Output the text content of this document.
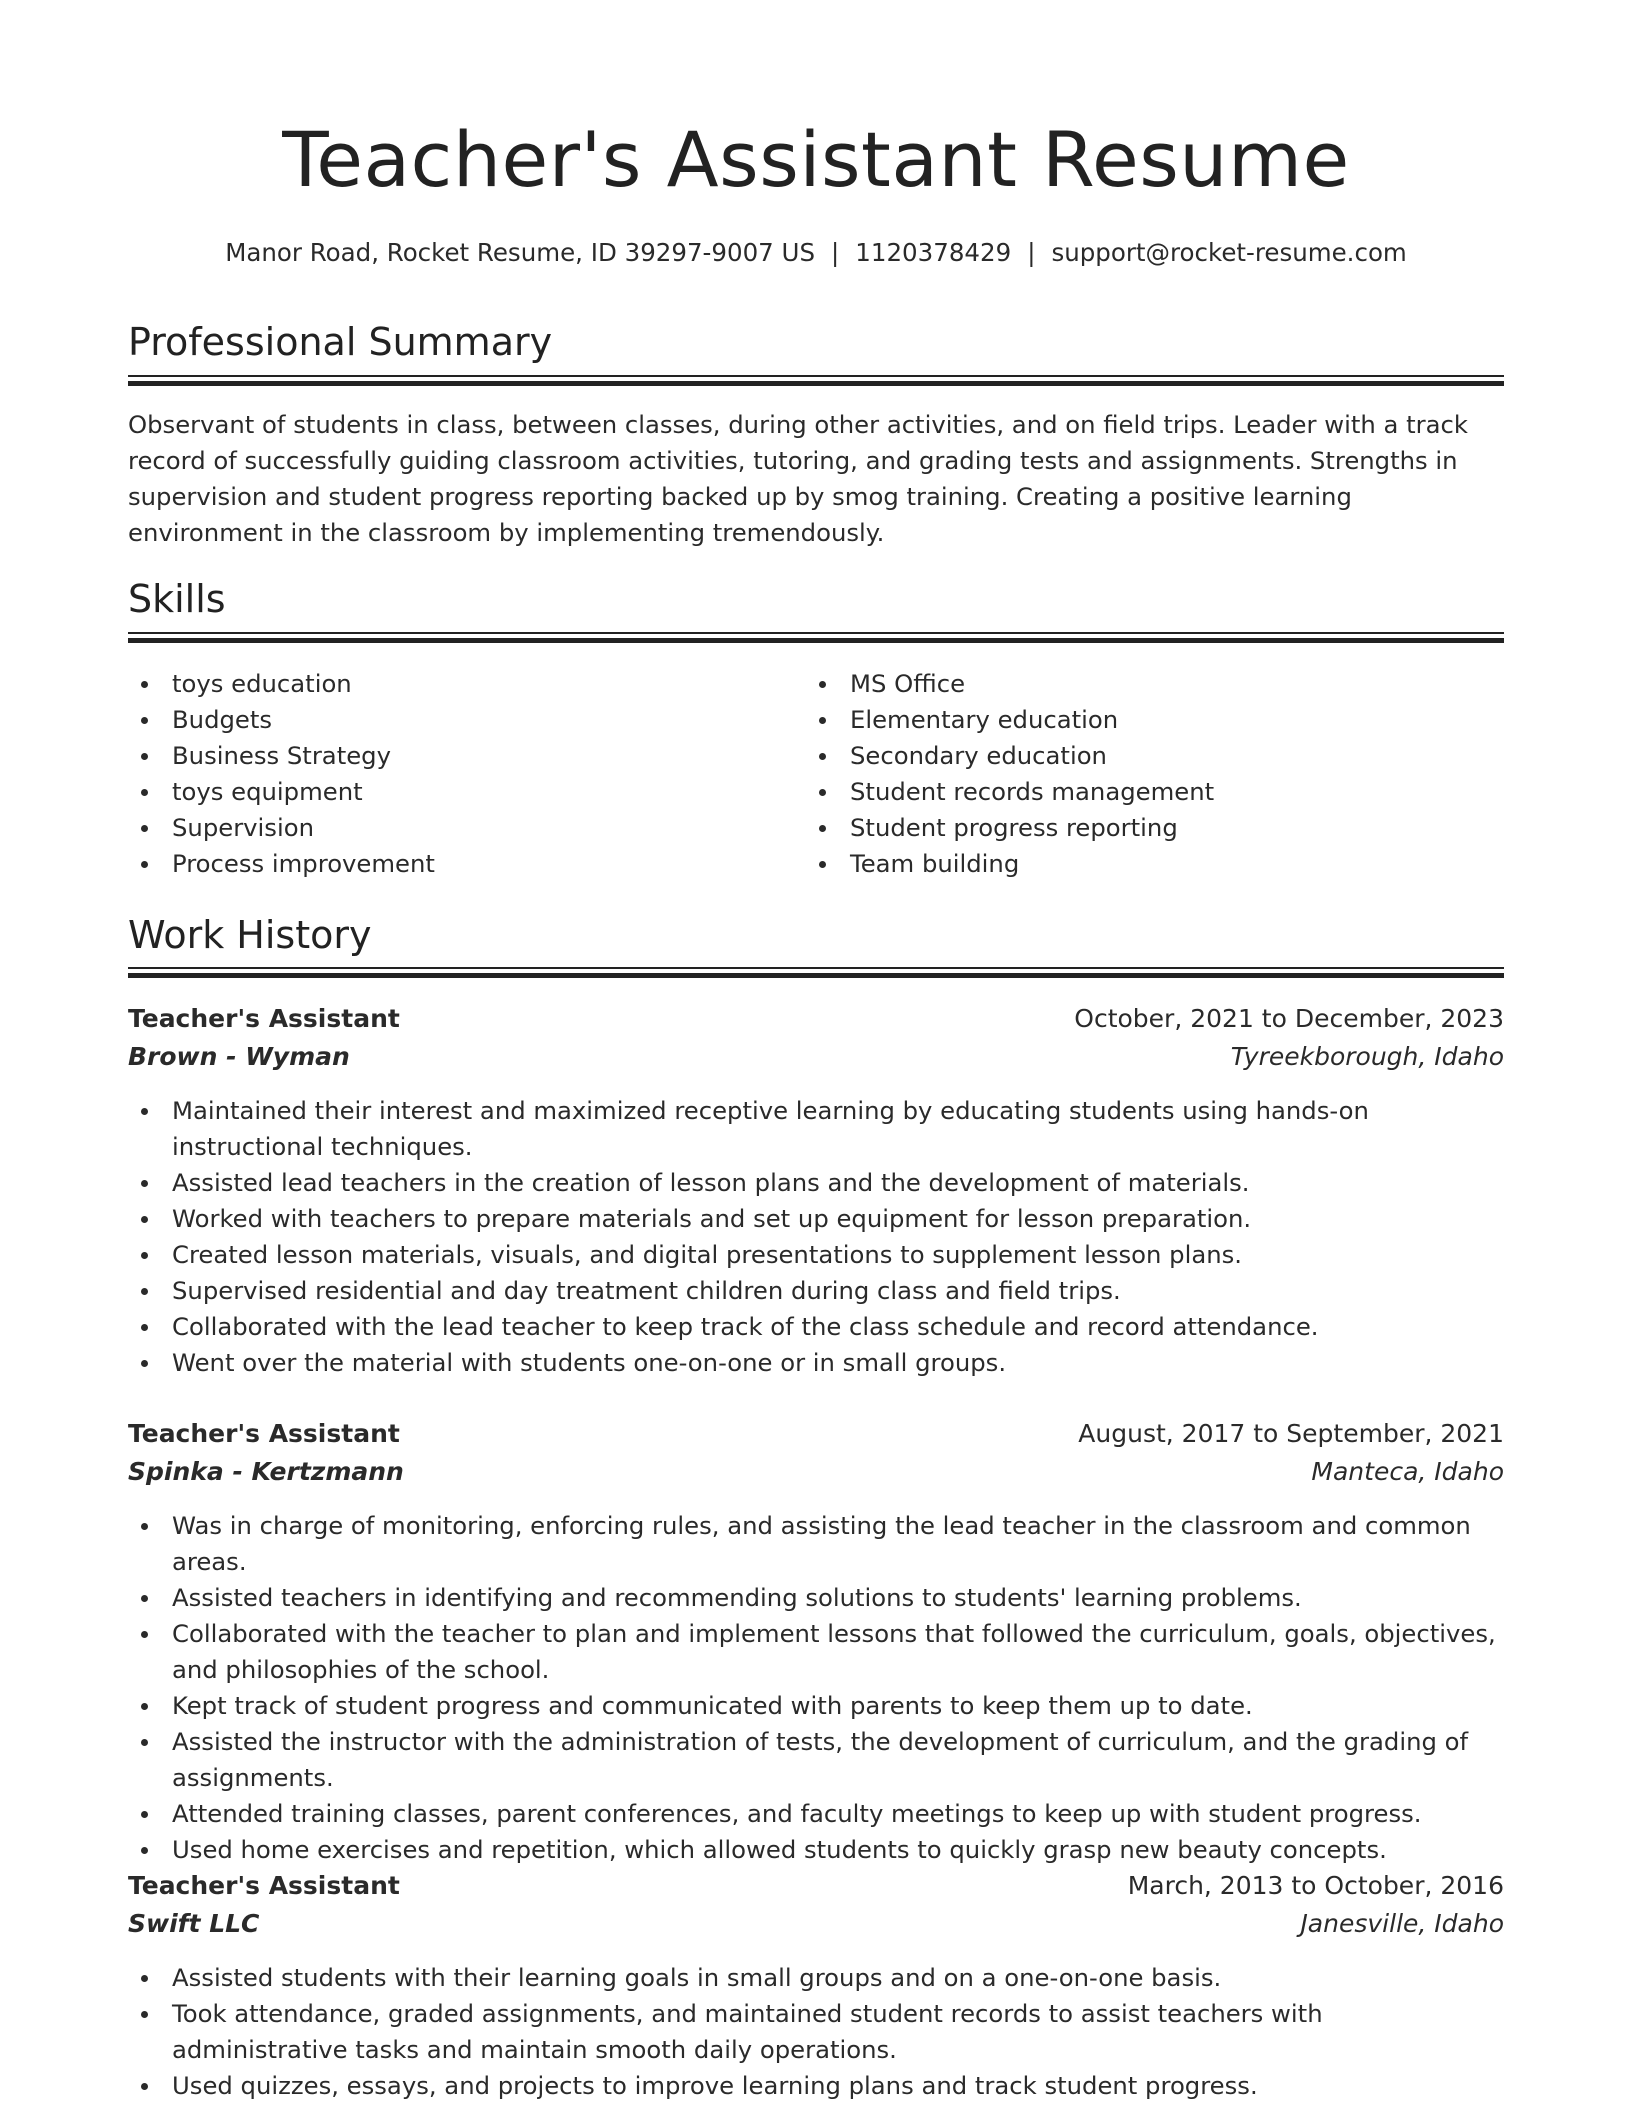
Teacher's Assistant Resume
Manor Road, Rocket Resume, ID 39297-9007 US | 1120378429 | support@rocket-resume.com
Professional Summary

Observant of students in class, between classes, during other activities, and on field trips. Leader with a track record of successfully guiding classroom activities, tutoring, and grading tests and assignments. Strengths in supervision and student progress reporting backed up by smog training. Creating a positive learning environment in the classroom by implementing tremendously.

Skills
toys education
Budgets
Business Strategy
toys equipment
Supervision
Process improvement
MS Office
Elementary education
Secondary education
Student records management
Student progress reporting
Team building
Work History
Teacher's Assistant	October, 2021 to December, 2023
Brown - Wyman	Tyreekborough, Idaho
Maintained their interest and maximized receptive learning by educating students using hands-on instructional techniques.
Assisted lead teachers in the creation of lesson plans and the development of materials.
Worked with teachers to prepare materials and set up equipment for lesson preparation.
Created lesson materials, visuals, and digital presentations to supplement lesson plans.
Supervised residential and day treatment children during class and field trips.
Collaborated with the lead teacher to keep track of the class schedule and record attendance.
Went over the material with students one-on-one or in small groups.
Teacher's Assistant	August, 2017 to September, 2021
Spinka - Kertzmann	Manteca, Idaho
Was in charge of monitoring, enforcing rules, and assisting the lead teacher in the classroom and common areas.
Assisted teachers in identifying and recommending solutions to students' learning problems.
Collaborated with the teacher to plan and implement lessons that followed the curriculum, goals, objectives, and philosophies of the school.
Kept track of student progress and communicated with parents to keep them up to date.
Assisted the instructor with the administration of tests, the development of curriculum, and the grading of assignments.
Attended training classes, parent conferences, and faculty meetings to keep up with student progress.
Used home exercises and repetition, which allowed students to quickly grasp new beauty concepts.
Teacher's Assistant	March, 2013 to October, 2016
Swift LLC	Janesville, Idaho
Assisted students with their learning goals in small groups and on a one-on-one basis.
Took attendance, graded assignments, and maintained student records to assist teachers with administrative tasks and maintain smooth daily operations.
Used quizzes, essays, and projects to improve learning plans and track student progress.
